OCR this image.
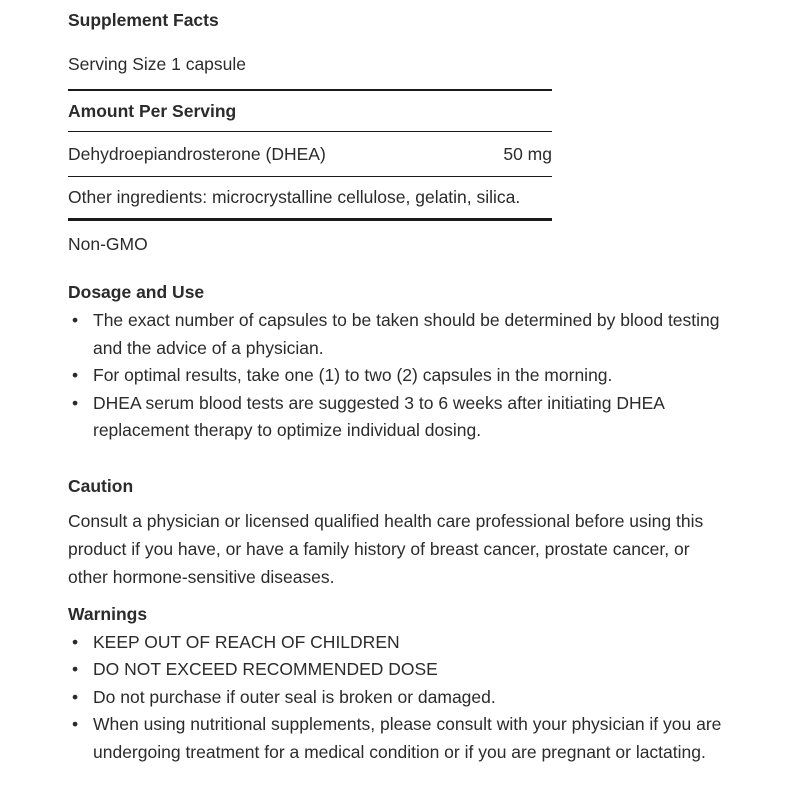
Supplement Facts
Serving Size 1 capsule
Amount Per Serving
Dehydroepiandrosterone (DHEA)	50 mg
Other ingredients: microcrystalline cellulose, gelatin, silica.
Non-GMO
Dosage and Use
• The exact number of capsules to be taken should be determined by blood testing and the advice of a physician.
• For optimal results, take one (1) to two (2) capsules in the morning.
• DHEA serum blood tests are suggested 3 to 6 weeks after initiating DHEA replacement therapy to optimize individual dosing.
Caution
Consult a physician or licensed qualified health care professional before using this product if you have, or have a family history of breast cancer, prostate cancer, or other hormone-sensitive diseases.
Warnings
• KEEP OUT OF REACH OF CHILDREN
• DO NOT EXCEED RECOMMENDED DOSE
• Do not purchase if outer seal is broken or damaged.
• When using nutritional supplements, please consult with your physician if you are undergoing treatment for a medical condition or if you are pregnant or lactating.
